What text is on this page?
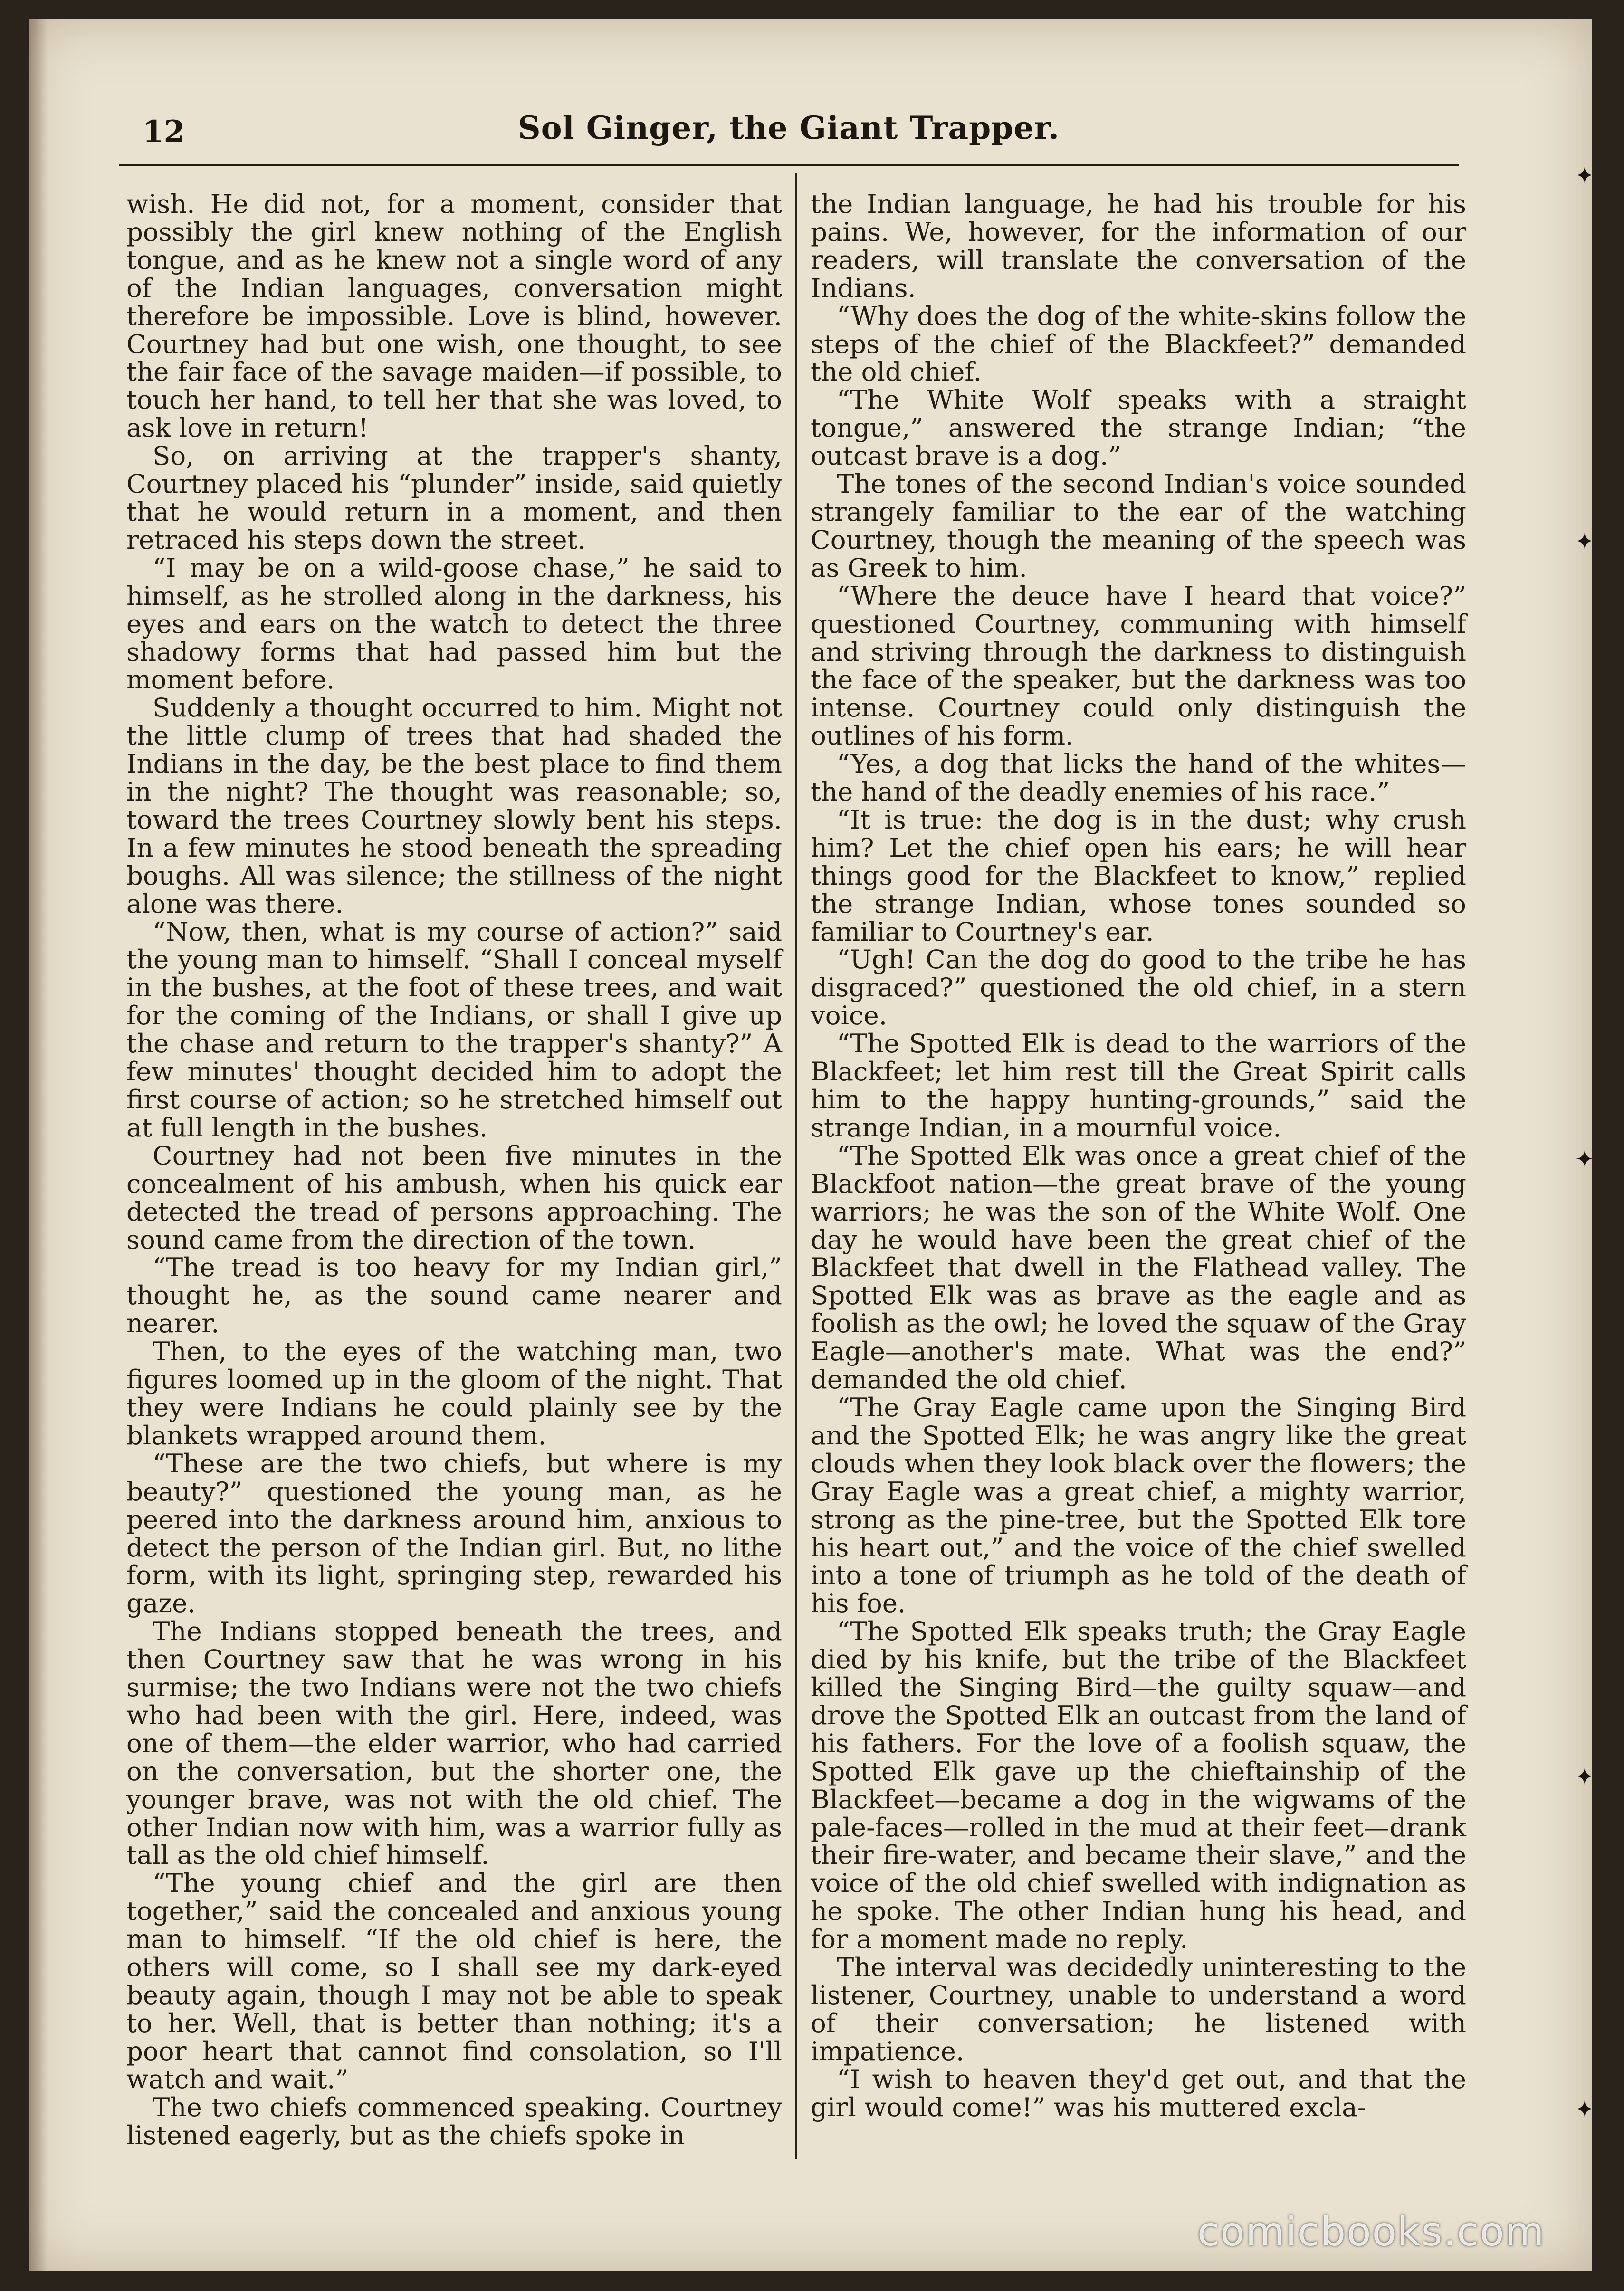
12	Sol Ginger, the Giant Trapper.

wish. He did not, for a moment, consider that possibly the girl knew nothing of the English tongue, and as he knew not a single word of any of the Indian languages, conversation might therefore be impossible. Love is blind, however. Courtney had but one wish, one thought, to see the fair face of the savage maiden—if possible, to touch her hand, to tell her that she was loved, to ask love in return!

So, on arriving at the trapper's shanty, Courtney placed his “plunder” inside, said quietly that he would return in a moment, and then retraced his steps down the street.

“I may be on a wild-goose chase,” he said to himself, as he strolled along in the darkness, his eyes and ears on the watch to detect the three shadowy forms that had passed him but the moment before.

Suddenly a thought occurred to him. Might not the little clump of trees that had shaded the Indians in the day, be the best place to find them in the night? The thought was reasonable; so, toward the trees Courtney slowly bent his steps. In a few minutes he stood beneath the spreading boughs. All was silence; the stillness of the night alone was there.

“Now, then, what is my course of action?” said the young man to himself. “Shall I conceal myself in the bushes, at the foot of these trees, and wait for the coming of the Indians, or shall I give up the chase and return to the trapper's shanty?” A few minutes' thought decided him to adopt the first course of action; so he stretched himself out at full length in the bushes.

Courtney had not been five minutes in the concealment of his ambush, when his quick ear detected the tread of persons approaching. The sound came from the direction of the town.

“The tread is too heavy for my Indian girl,” thought he, as the sound came nearer and nearer.

Then, to the eyes of the watching man, two figures loomed up in the gloom of the night. That they were Indians he could plainly see by the blankets wrapped around them.

“These are the two chiefs, but where is my beauty?” questioned the young man, as he peered into the darkness around him, anxious to detect the person of the Indian girl. But, no lithe form, with its light, springing step, rewarded his gaze.

The Indians stopped beneath the trees, and then Courtney saw that he was wrong in his surmise; the two Indians were not the two chiefs who had been with the girl. Here, indeed, was one of them—the elder warrior, who had carried on the conversation, but the shorter one, the younger brave, was not with the old chief. The other Indian now with him, was a warrior fully as tall as the old chief himself.

“The young chief and the girl are then together,” said the concealed and anxious young man to himself. “If the old chief is here, the others will come, so I shall see my dark-eyed beauty again, though I may not be able to speak to her. Well, that is better than nothing; it's a poor heart that cannot find consolation, so I'll watch and wait.”

The two chiefs commenced speaking. Courtney listened eagerly, but as the chiefs spoke in

the Indian language, he had his trouble for his pains. We, however, for the information of our readers, will translate the conversation of the Indians.

“Why does the dog of the white-skins follow the steps of the chief of the Blackfeet?” demanded the old chief.

“The White Wolf speaks with a straight tongue,” answered the strange Indian; “the outcast brave is a dog.”

The tones of the second Indian's voice sounded strangely familiar to the ear of the watching Courtney, though the meaning of the speech was as Greek to him.

“Where the deuce have I heard that voice?” questioned Courtney, communing with himself and striving through the darkness to distinguish the face of the speaker, but the darkness was too intense. Courtney could only distinguish the outlines of his form.

“Yes, a dog that licks the hand of the whites—the hand of the deadly enemies of his race.”

“It is true: the dog is in the dust; why crush him? Let the chief open his ears; he will hear things good for the Blackfeet to know,” replied the strange Indian, whose tones sounded so familiar to Courtney's ear.

“Ugh! Can the dog do good to the tribe he has disgraced?” questioned the old chief, in a stern voice.

“The Spotted Elk is dead to the warriors of the Blackfeet; let him rest till the Great Spirit calls him to the happy hunting-grounds,” said the strange Indian, in a mournful voice.

“The Spotted Elk was once a great chief of the Blackfoot nation—the great brave of the young warriors; he was the son of the White Wolf. One day he would have been the great chief of the Blackfeet that dwell in the Flathead valley. The Spotted Elk was as brave as the eagle and as foolish as the owl; he loved the squaw of the Gray Eagle—another's mate. What was the end?” demanded the old chief.

“The Gray Eagle came upon the Singing Bird and the Spotted Elk; he was angry like the great clouds when they look black over the flowers; the Gray Eagle was a great chief, a mighty warrior, strong as the pine-tree, but the Spotted Elk tore his heart out,” and the voice of the chief swelled into a tone of triumph as he told of the death of his foe.

“The Spotted Elk speaks truth; the Gray Eagle died by his knife, but the tribe of the Blackfeet killed the Singing Bird—the guilty squaw—and drove the Spotted Elk an outcast from the land of his fathers. For the love of a foolish squaw, the Spotted Elk gave up the chieftainship of the Blackfeet—became a dog in the wigwams of the pale-faces—rolled in the mud at their feet—drank their fire-water, and became their slave,” and the voice of the old chief swelled with indignation as he spoke. The other Indian hung his head, and for a moment made no reply.

The interval was decidedly uninteresting to the listener, Courtney, unable to understand a word of their conversation; he listened with impatience.

“I wish to heaven they'd get out, and that the girl would come!” was his muttered excla-

✦
✦
✦
✦
✦
comicbooks.com
